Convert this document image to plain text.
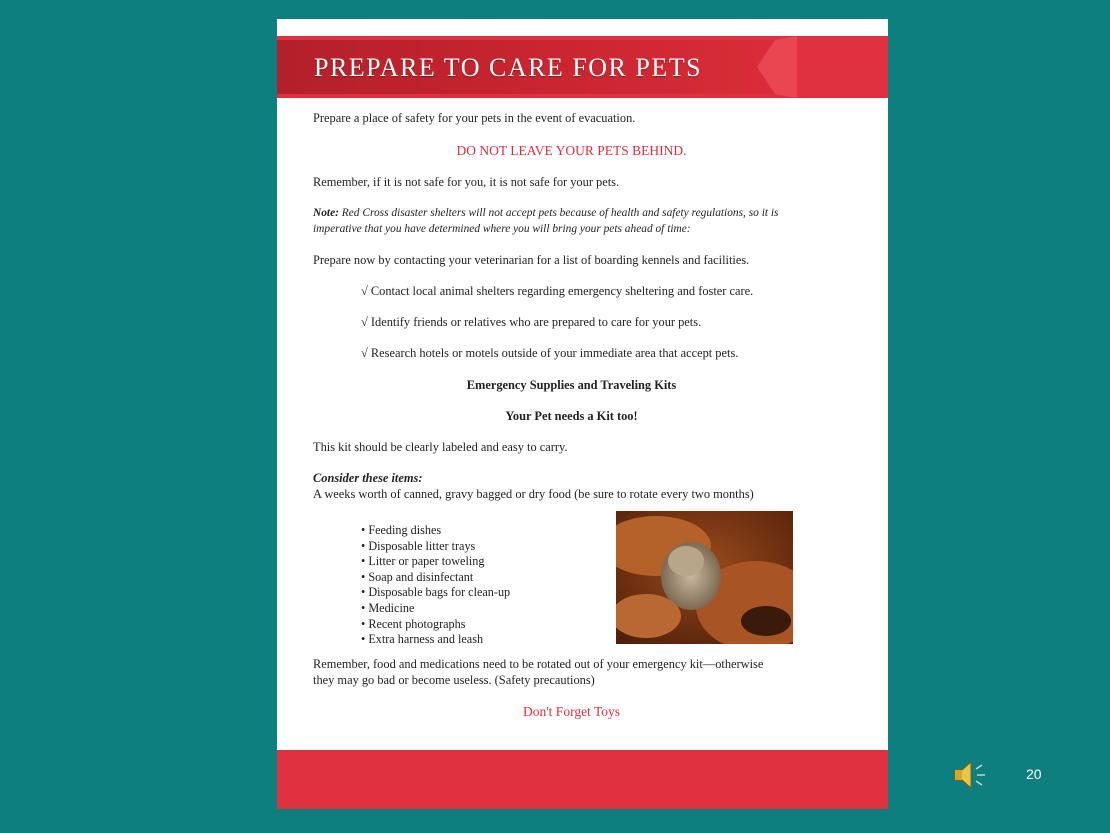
PREPARE TO CARE FOR PETS
Prepare a place of safety for your pets in the event of evacuation.
DO NOT LEAVE YOUR PETS BEHIND.
Remember, if it is not safe for you, it is not safe for your pets.
Note: Red Cross disaster shelters will not accept pets because of health and safety regulations, so it is imperative that you have determined where you will bring your pets ahead of time:
Prepare now by contacting your veterinarian for a list of boarding kennels and facilities.
√ Contact local animal shelters regarding emergency sheltering and foster care.
√ Identify friends or relatives who are prepared to care for your pets.
√ Research hotels or motels outside of your immediate area that accept pets.
Emergency Supplies and Traveling Kits
Your Pet needs a Kit too!
This kit should be clearly labeled and easy to carry.
Consider these items:
A weeks worth of canned, gravy bagged or dry food (be sure to rotate every two months)
• Feeding dishes
• Disposable litter trays
• Litter or paper toweling
• Soap and disinfectant
• Disposable bags for clean-up
• Medicine
• Recent photographs
• Extra harness and leash
Remember, food and medications need to be rotated out of your emergency kit—otherwise
they may go bad or become useless. (Safety precautions)
Don't Forget Toys
20
